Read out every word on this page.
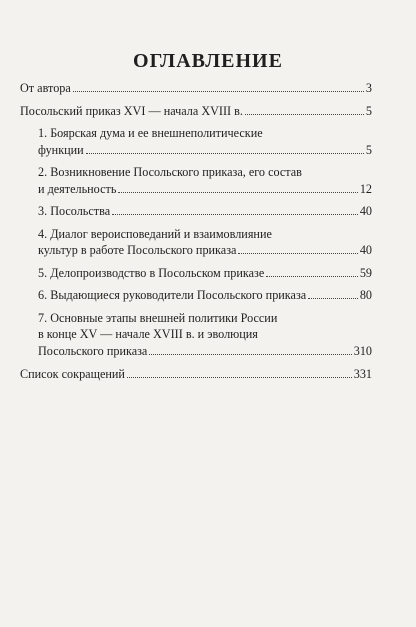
ОГЛАВЛЕНИЕ
От автора	3
Посольский приказ XVI — начала XVIII в.	5
1. Боярская дума и ее внешнеполитические
функции	5
2. Возникновение Посольского приказа, его состав
и деятельность	12
3. Посольства	40
4. Диалог вероисповеданий и взаимовлияние
культур в работе Посольского приказа	40
5. Делопроизводство в Посольском приказе	59
6. Выдающиеся руководители Посольского приказа	80
7. Основные этапы внешней политики России
в конце XV — начале XVIII в. и эволюция
Посольского приказа	310
Список сокращений	331
